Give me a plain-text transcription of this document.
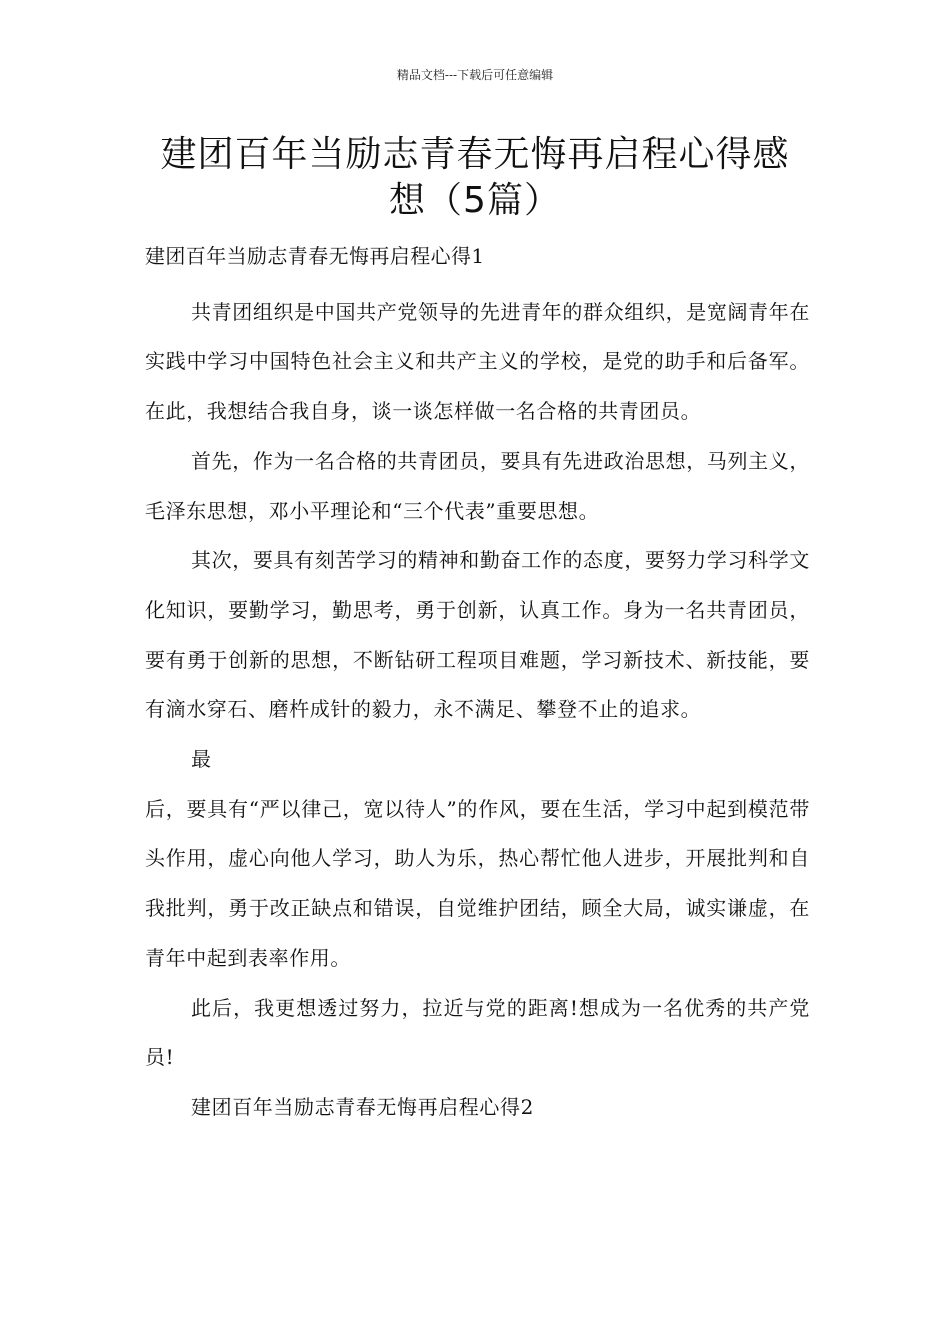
精品文档---下载后可任意编辑
建团百年当励志青春无悔再启程心得感
想（5篇）

建团百年当励志青春无悔再启程心得1

共青团组织是中国共产党领导的先进青年的群众组织，是宽阔青年在实践中学习中国特色社会主义和共产主义的学校，是党的助手和后备军。在此，我想结合我自身，谈一谈怎样做一名合格的共青团员。

首先，作为一名合格的共青团员，要具有先进政治思想，马列主义，毛泽东思想，邓小平理论和“三个代表”重要思想。

其次，要具有刻苦学习的精神和勤奋工作的态度，要努力学习科学文化知识，要勤学习，勤思考，勇于创新，认真工作。身为一名共青团员，要有勇于创新的思想，不断钻研工程项目难题，学习新技术、新技能，要有滴水穿石、磨杵成针的毅力，永不满足、攀登不止的追求。

最

后，要具有“严以律己，宽以待人”的作风，要在生活，学习中起到模范带头作用，虚心向他人学习，助人为乐，热心帮忙他人进步，开展批判和自我批判，勇于改正缺点和错误，自觉维护团结，顾全大局，诚实谦虚，在青年中起到表率作用。

此后，我更想透过努力，拉近与党的距离!想成为一名优秀的共产党员!

建团百年当励志青春无悔再启程心得2
